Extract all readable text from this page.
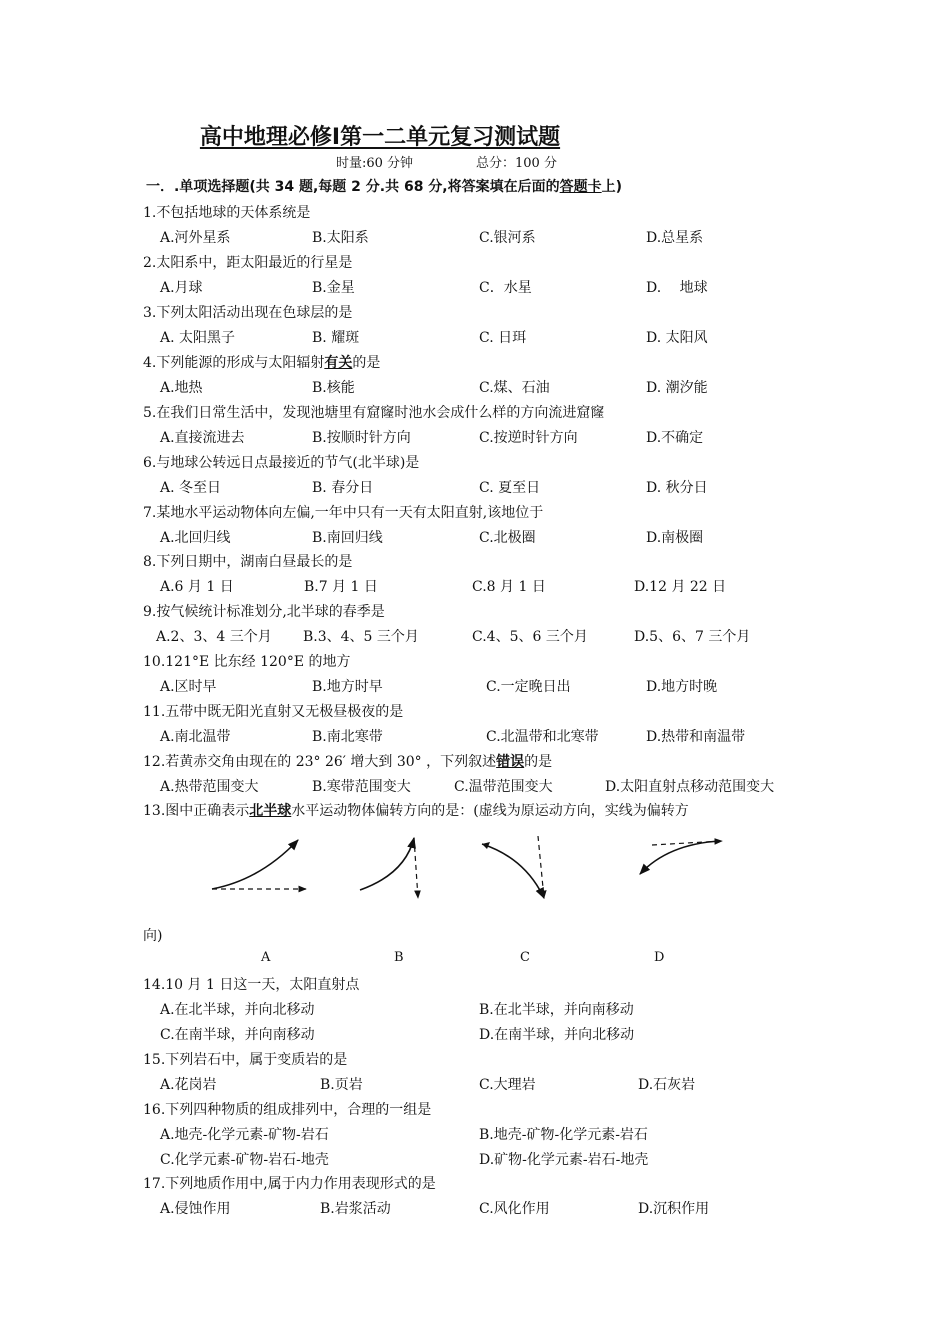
高中地理必修Ⅰ第一二单元复习测试题
时量:60 分钟	总分：100 分
一．.单项选择题(共 34 题,每题 2 分.共 68 分,将答案填在后面的答题卡上)
1.不包括地球的天体系统是
A.河外星系	B.太阳系	C.银河系	D.总星系
2.太阳系中，距太阳最近的行星是
A.月球	B.金星	C．水星	D.　 地球
3.下列太阳活动出现在色球层的是
A. 太阳黑子	B. 耀斑	C. 日珥	D. 太阳风
4.下列能源的形成与太阳辐射有关的是
A.地热	B.核能	C.煤、石油	D. 潮汐能
5.在我们日常生活中，发现池塘里有窟窿时池水会成什么样的方向流进窟窿
A.直接流进去	B.按顺时针方向	C.按逆时针方向	D.不确定
6.与地球公转远日点最接近的节气(北半球)是
A. 冬至日	B. 春分日	C. 夏至日	D. 秋分日
7.某地水平运动物体向左偏,一年中只有一天有太阳直射,该地位于
A.北回归线	B.南回归线	C.北极圈	D.南极圈
8.下列日期中，湖南白昼最长的是
A.6 月 1 日	B.7 月 1 日	C.8 月 1 日	D.12 月 22 日
9.按气候统计标准划分,北半球的春季是
A.2、3、4 三个月 B.3、4、5 三个月	C.4、5、6 三个月	D.5、6、7 三个月
10.121°E 比东经 120°E 的地方
A.区时早	B.地方时早	C.一定晚日出	D.地方时晚
11.五带中既无阳光直射又无极昼极夜的是
A.南北温带	B.南北寒带	C.北温带和北寒带	D.热带和南温带
12.若黄赤交角由现在的 23° 26′ 增大到 30° ，下列叙述错误的是
A.热带范围变大	B.寒带范围变大	C.温带范围变大	D.太阳直射点移动范围变大
13.图中正确表示北半球水平运动物体偏转方向的是：(虚线为原运动方向，实线为偏转方
向)
A	B	C	D
14.10 月 1 日这一天，太阳直射点
A.在北半球，并向北移动	B.在北半球，并向南移动
C.在南半球，并向南移动	D.在南半球，并向北移动
15.下列岩石中，属于变质岩的是
A.花岗岩	B.页岩	C.大理岩	D.石灰岩
16.下列四种物质的组成排列中，合理的一组是
A.地壳-化学元素-矿物-岩石	B.地壳-矿物-化学元素-岩石
C.化学元素-矿物-岩石-地壳	D.矿物-化学元素-岩石-地壳
17.下列地质作用中,属于内力作用表现形式的是
A.侵蚀作用	B.岩浆活动	C.风化作用	D.沉积作用
